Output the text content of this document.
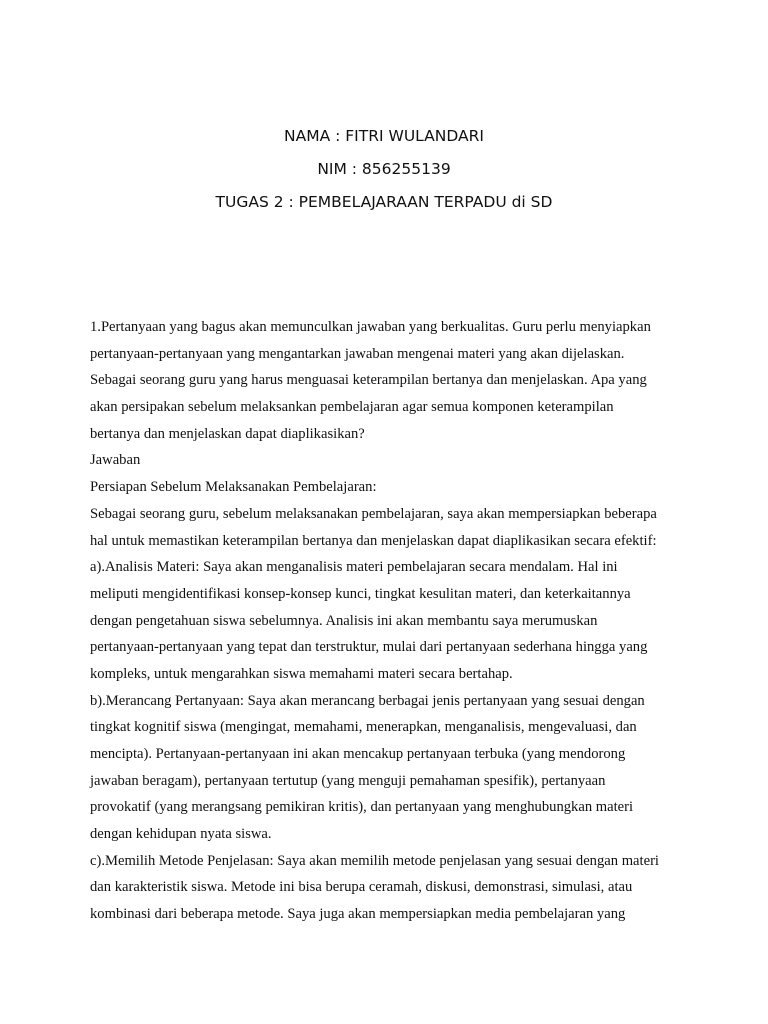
NAMA : FITRI WULANDARI
NIM : 856255139
TUGAS 2 : PEMBELAJARAAN TERPADU di SD
1.Pertanyaan yang bagus akan memunculkan jawaban yang berkualitas. Guru perlu menyiapkan
pertanyaan-pertanyaan yang mengantarkan jawaban mengenai materi yang akan dijelaskan.
Sebagai seorang guru yang harus menguasai keterampilan bertanya dan menjelaskan. Apa yang
akan persipakan sebelum melaksankan pembelajaran agar semua komponen keterampilan
bertanya dan menjelaskan dapat diaplikasikan?
Jawaban
Persiapan Sebelum Melaksanakan Pembelajaran:
Sebagai seorang guru, sebelum melaksanakan pembelajaran, saya akan mempersiapkan beberapa
hal untuk memastikan keterampilan bertanya dan menjelaskan dapat diaplikasikan secara efektif:
a).Analisis Materi: Saya akan menganalisis materi pembelajaran secara mendalam. Hal ini
meliputi mengidentifikasi konsep-konsep kunci, tingkat kesulitan materi, dan keterkaitannya
dengan pengetahuan siswa sebelumnya. Analisis ini akan membantu saya merumuskan
pertanyaan-pertanyaan yang tepat dan terstruktur, mulai dari pertanyaan sederhana hingga yang
kompleks, untuk mengarahkan siswa memahami materi secara bertahap.
b).Merancang Pertanyaan: Saya akan merancang berbagai jenis pertanyaan yang sesuai dengan
tingkat kognitif siswa (mengingat, memahami, menerapkan, menganalisis, mengevaluasi, dan
mencipta). Pertanyaan-pertanyaan ini akan mencakup pertanyaan terbuka (yang mendorong
jawaban beragam), pertanyaan tertutup (yang menguji pemahaman spesifik), pertanyaan
provokatif (yang merangsang pemikiran kritis), dan pertanyaan yang menghubungkan materi
dengan kehidupan nyata siswa.
c).Memilih Metode Penjelasan: Saya akan memilih metode penjelasan yang sesuai dengan materi
dan karakteristik siswa. Metode ini bisa berupa ceramah, diskusi, demonstrasi, simulasi, atau
kombinasi dari beberapa metode. Saya juga akan mempersiapkan media pembelajaran yang
